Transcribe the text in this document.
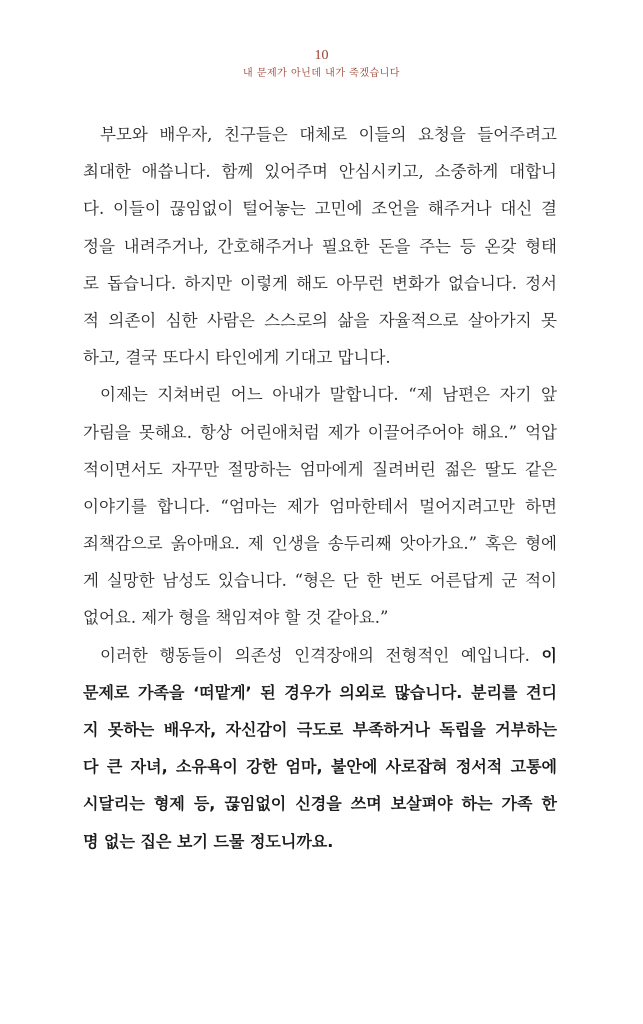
10
내 문제가 아닌데 내가 죽겠습니다
부모와 배우자, 친구들은 대체로 이들의 요청을 들어주려고
최대한 애씁니다. 함께 있어주며 안심시키고, 소중하게 대합니
다. 이들이 끊임없이 털어놓는 고민에 조언을 해주거나 대신 결
정을 내려주거나, 간호해주거나 필요한 돈을 주는 등 온갖 형태
로 돕습니다. 하지만 이렇게 해도 아무런 변화가 없습니다. 정서
적 의존이 심한 사람은 스스로의 삶을 자율적으로 살아가지 못
하고, 결국 또다시 타인에게 기대고 맙니다.
이제는 지쳐버린 어느 아내가 말합니다. “제 남편은 자기 앞
가림을 못해요. 항상 어린애처럼 제가 이끌어주어야 해요.” 억압
적이면서도 자꾸만 절망하는 엄마에게 질려버린 젊은 딸도 같은
이야기를 합니다. “엄마는 제가 엄마한테서 멀어지려고만 하면
죄책감으로 옭아매요. 제 인생을 송두리째 앗아가요.” 혹은 형에
게 실망한 남성도 있습니다. “형은 단 한 번도 어른답게 군 적이
없어요. 제가 형을 책임져야 할 것 같아요.”
이러한 행동들이 의존성 인격장애의 전형적인 예입니다. 이
문제로 가족을 ‘떠맡게’ 된 경우가 의외로 많습니다. 분리를 견디
지 못하는 배우자, 자신감이 극도로 부족하거나 독립을 거부하는
다 큰 자녀, 소유욕이 강한 엄마, 불안에 사로잡혀 정서적 고통에
시달리는 형제 등, 끊임없이 신경을 쓰며 보살펴야 하는 가족 한
명 없는 집은 보기 드물 정도니까요.
